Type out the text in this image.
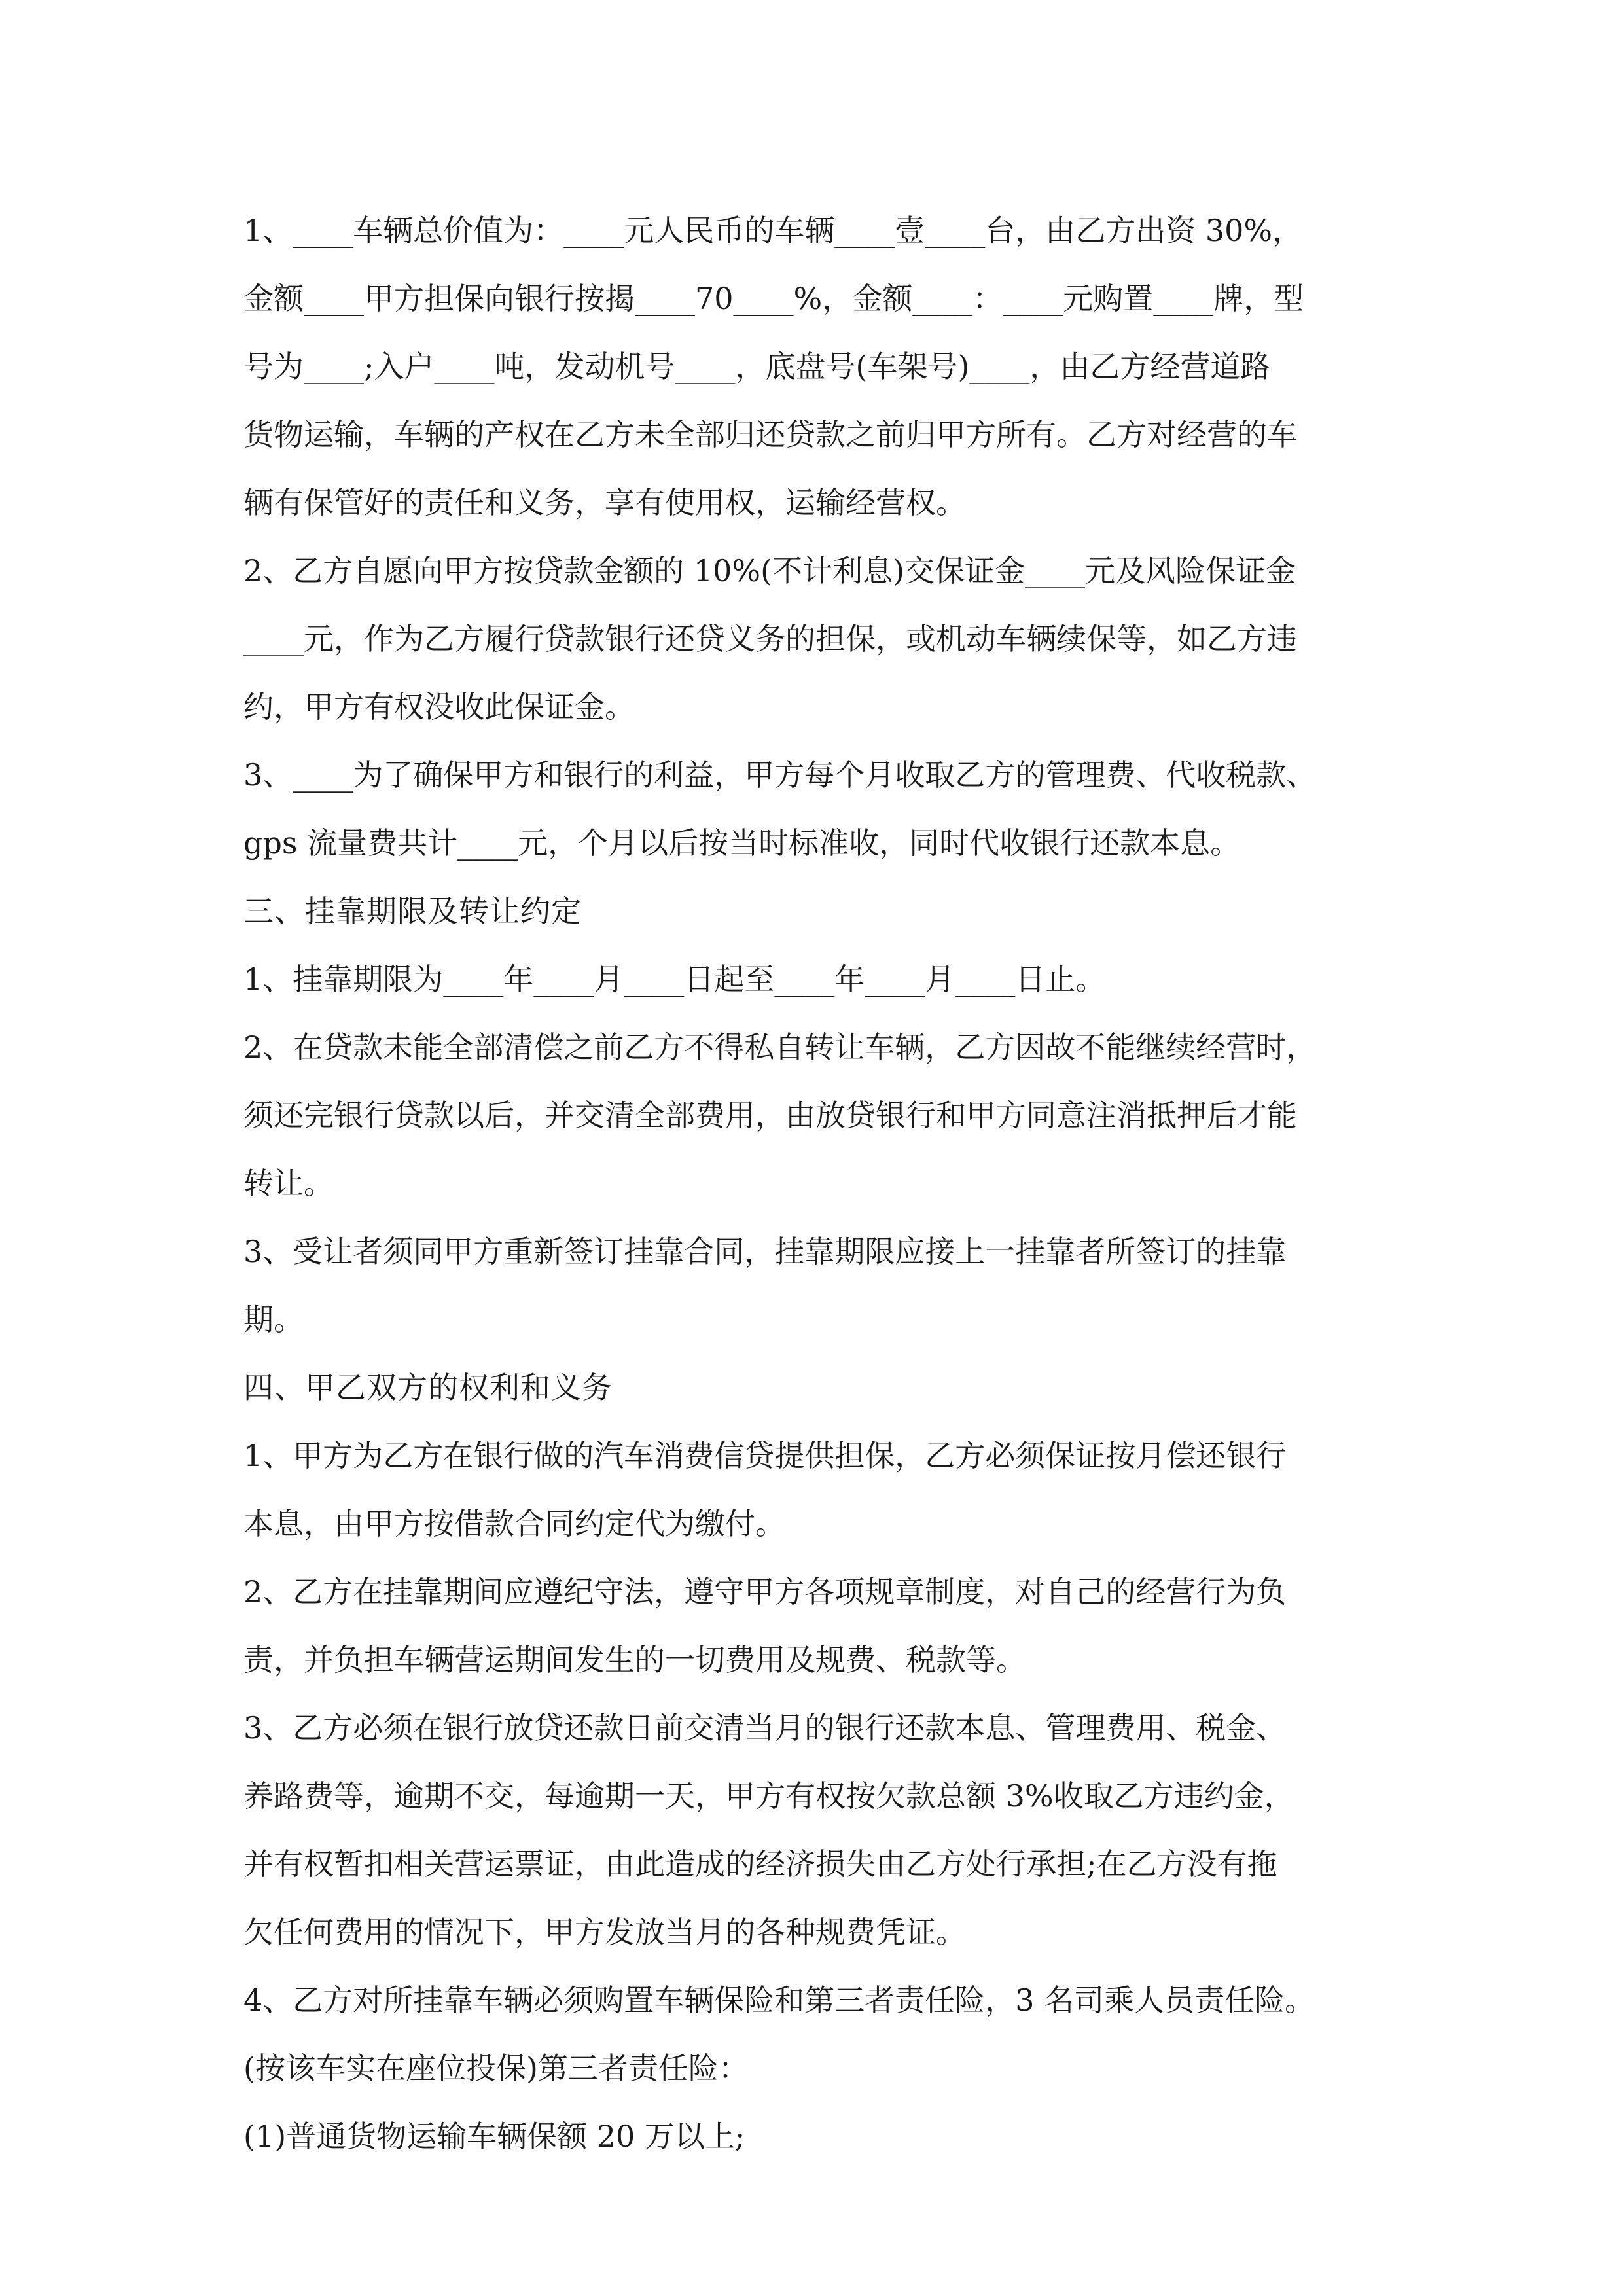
1、____车辆总价值为：____元人民币的车辆____壹____台，由乙方出资 30%，
金额____甲方担保向银行按揭____70____%，金额____：____元购置____牌，型
号为____;入户____吨，发动机号____，底盘号(车架号)____，由乙方经营道路
货物运输，车辆的产权在乙方未全部归还贷款之前归甲方所有。乙方对经营的车
辆有保管好的责任和义务，享有使用权，运输经营权。
2、乙方自愿向甲方按贷款金额的 10%(不计利息)交保证金____元及风险保证金
____元，作为乙方履行贷款银行还贷义务的担保，或机动车辆续保等，如乙方违
约，甲方有权没收此保证金。
3、____为了确保甲方和银行的利益，甲方每个月收取乙方的管理费、代收税款、
gps 流量费共计____元，个月以后按当时标准收，同时代收银行还款本息。
三、挂靠期限及转让约定
1、挂靠期限为____年____月____日起至____年____月____日止。
2、在贷款未能全部清偿之前乙方不得私自转让车辆，乙方因故不能继续经营时，
须还完银行贷款以后，并交清全部费用，由放贷银行和甲方同意注消抵押后才能
转让。
3、受让者须同甲方重新签订挂靠合同，挂靠期限应接上一挂靠者所签订的挂靠
期。
四、甲乙双方的权利和义务
1、甲方为乙方在银行做的汽车消费信贷提供担保，乙方必须保证按月偿还银行
本息，由甲方按借款合同约定代为缴付。
2、乙方在挂靠期间应遵纪守法，遵守甲方各项规章制度，对自己的经营行为负
责，并负担车辆营运期间发生的一切费用及规费、税款等。
3、乙方必须在银行放贷还款日前交清当月的银行还款本息、管理费用、税金、
养路费等，逾期不交，每逾期一天，甲方有权按欠款总额 3%收取乙方违约金，
并有权暂扣相关营运票证，由此造成的经济损失由乙方处行承担;在乙方没有拖
欠任何费用的情况下，甲方发放当月的各种规费凭证。
4、乙方对所挂靠车辆必须购置车辆保险和第三者责任险，3 名司乘人员责任险。
(按该车实在座位投保)第三者责任险：
(1)普通货物运输车辆保额 20 万以上;
